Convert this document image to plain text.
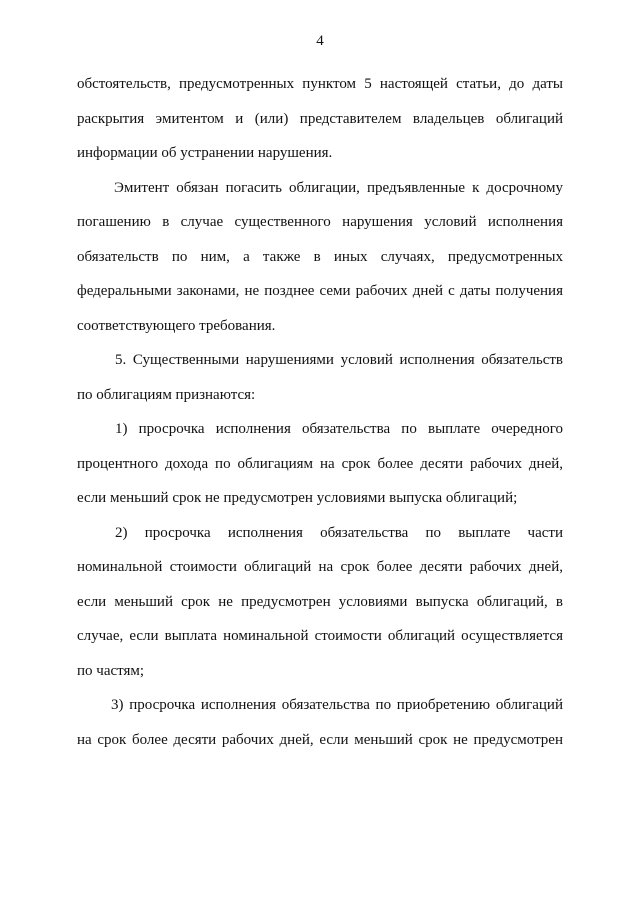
4
обстоятельств, предусмотренных пунктом 5 настоящей статьи, до даты
раскрытия эмитентом и (или) представителем владельцев облигаций
информации об устранении нарушения.
Эмитент обязан погасить облигации, предъявленные к досрочному
погашению в случае существенного нарушения условий исполнения
обязательств по ним, а также в иных случаях, предусмотренных
федеральными законами, не позднее семи рабочих дней с даты получения
соответствующего требования.
5. Существенными нарушениями условий исполнения обязательств
по облигациям признаются:
1) просрочка исполнения обязательства по выплате очередного
процентного дохода по облигациям на срок более десяти рабочих дней,
если меньший срок не предусмотрен условиями выпуска облигаций;
2) просрочка исполнения обязательства по выплате части
номинальной стоимости облигаций на срок более десяти рабочих дней,
если меньший срок не предусмотрен условиями выпуска облигаций, в
случае, если выплата номинальной стоимости облигаций осуществляется
по частям;
3) просрочка исполнения обязательства по приобретению облигаций
на срок более десяти рабочих дней, если меньший срок не предусмотрен
